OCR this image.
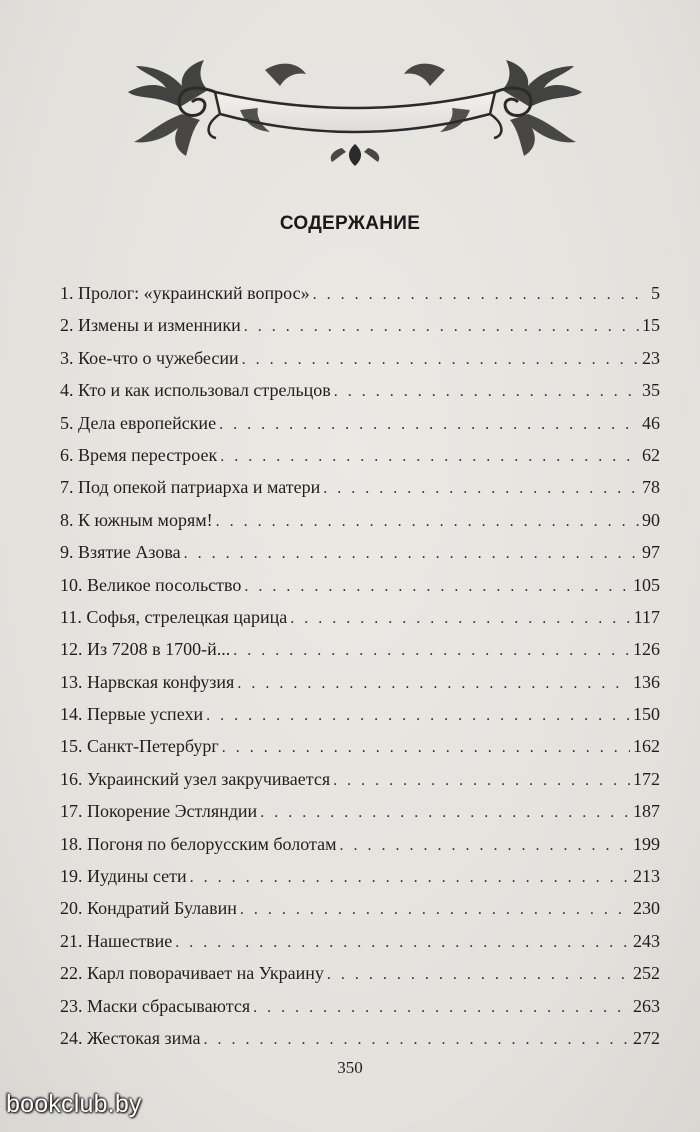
СОДЕРЖАНИЕ
1. Пролог: «украинский вопрос» . . .	5
2. Измены и изменники . . .	15
3. Кое-что о чужебесии . . .	23
4. Кто и как использовал стрельцов . . .	35
5. Дела европейские . . .	46
6. Время перестроек . . .	62
7. Под опекой патриарха и матери . . .	78
8. К южным морям! . . .	90
9. Взятие Азова . . .	97
10. Великое посольство . . .	105
11. Софья, стрелецкая царица . . .	117
12. Из 7208 в 1700-й... . . .	126
13. Нарвская конфузия . . .	136
14. Первые успехи . . .	150
15. Санкт-Петербург . . .	162
16. Украинский узел закручивается . . .	172
17. Покорение Эстляндии . . .	187
18. Погоня по белорусским болотам . . .	199
19. Иудины сети . . .	213
20. Кондратий Булавин . . .	230
21. Нашествие . . .	243
22. Карл поворачивает на Украину . . .	252
23. Маски сбрасываются . . .	263
24. Жестокая зима . . .	272
350
bookclub.by
